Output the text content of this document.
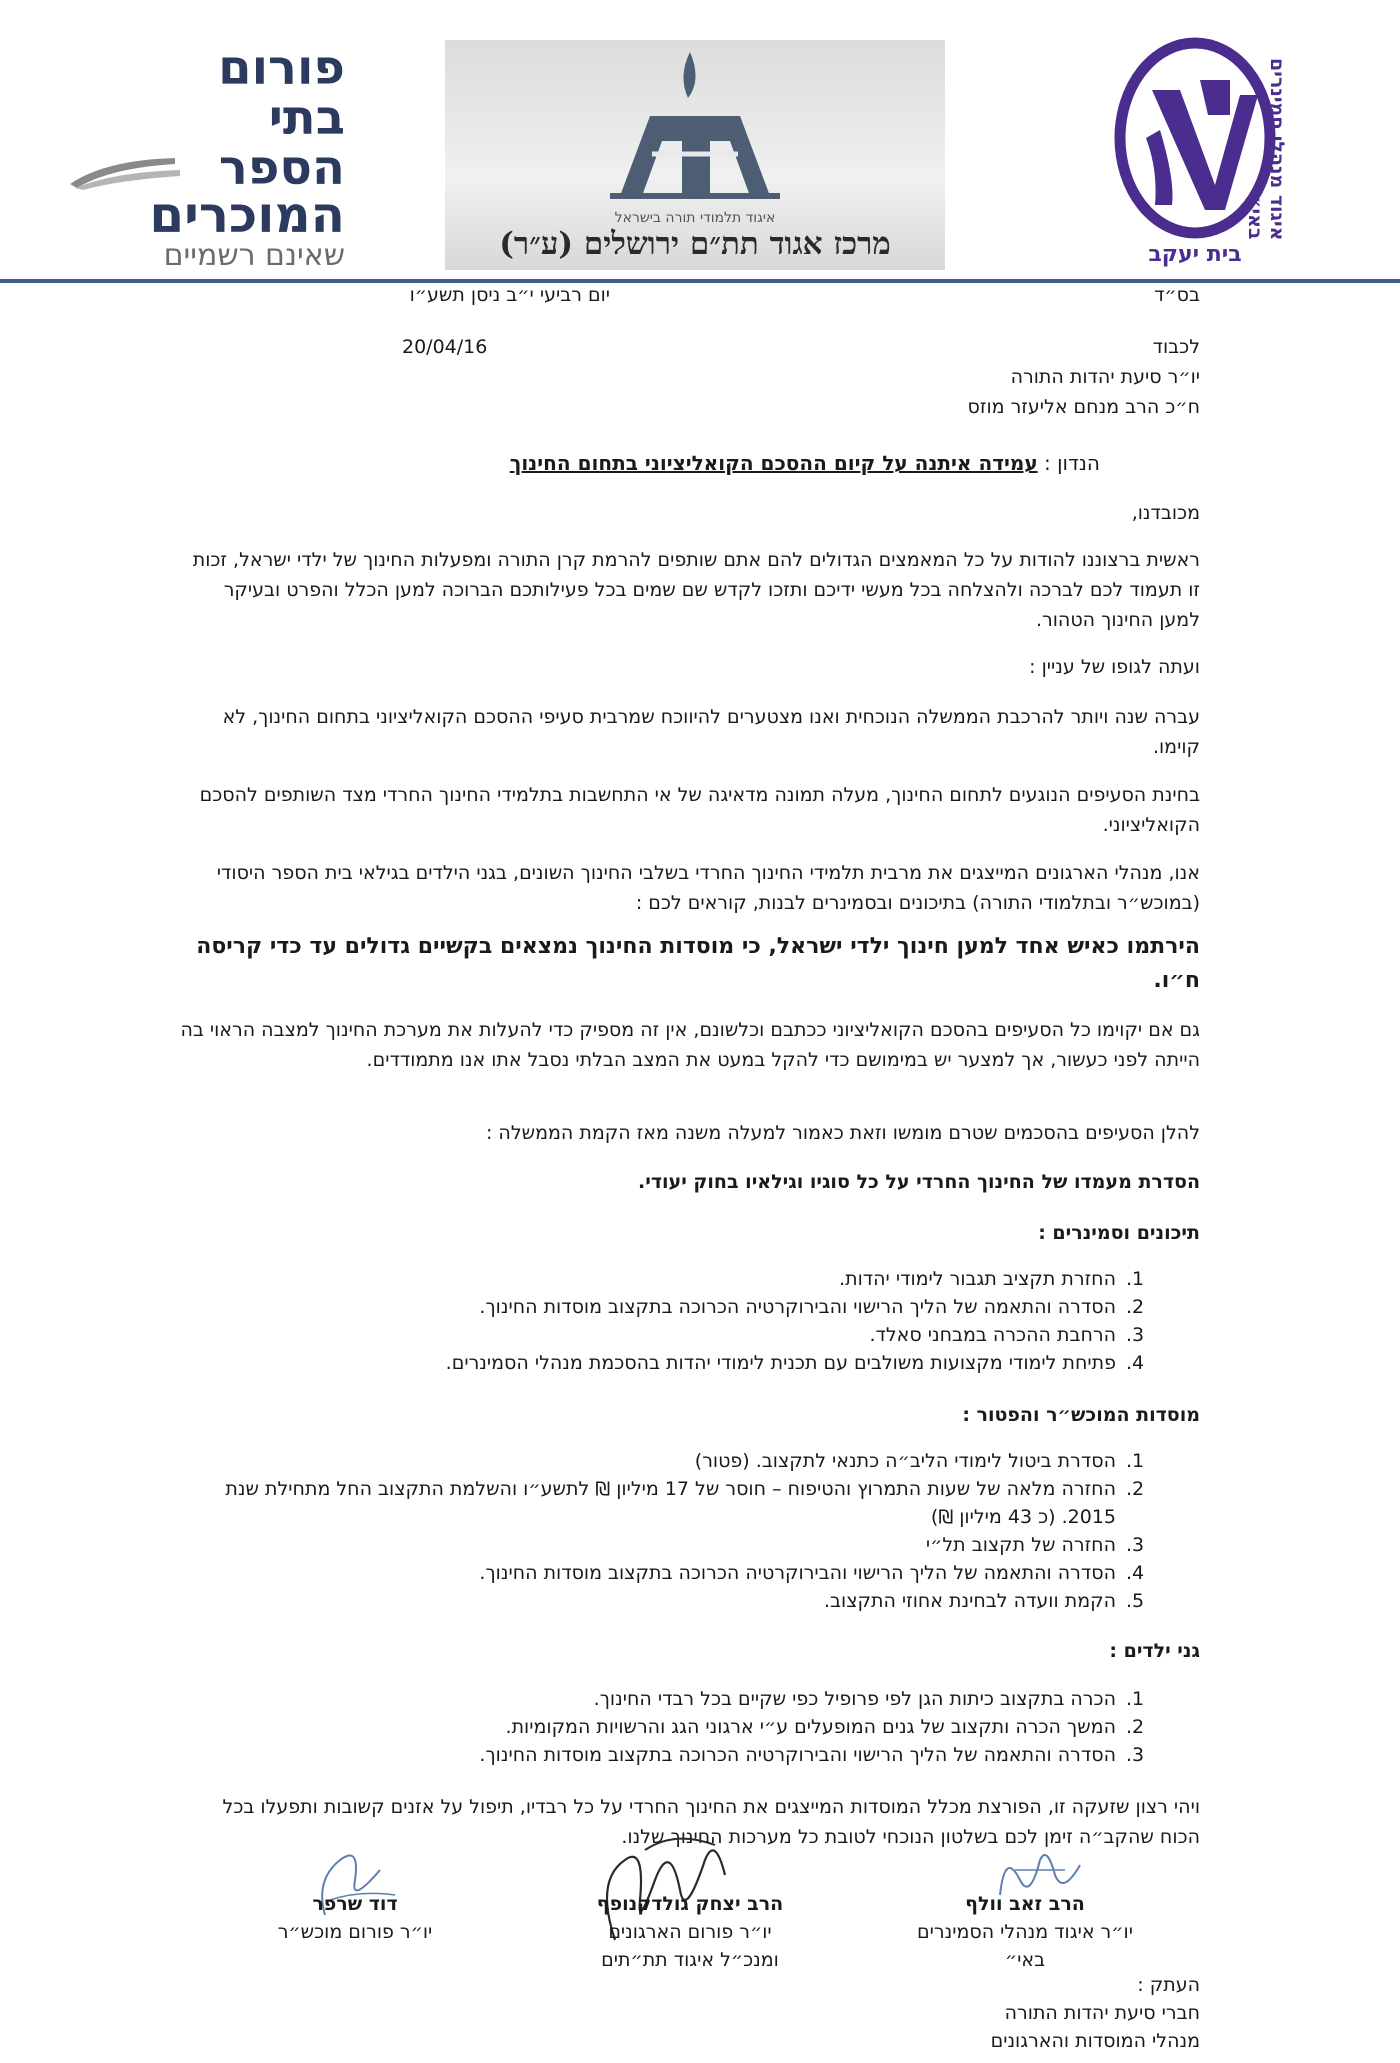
איגוד מנהלי סמינרים באי״
בית יעקב
איגוד תלמודי תורה בישראל
מרכז אגוד תת״ם ירושלים (ע״ר)
פורום
בתי
הספר
המוכרים
שאינם רשמיים
בס״ד
יום רביעי י״ב ניסן תשע״ו
לכבוד
20/04/16
יו״ר סיעת יהדות התורה
ח״כ הרב מנחם אליעזר מוזס
הנדון : עמידה איתנה על קיום ההסכם הקואליציוני בתחום החינוך
מכובדנו,
ראשית ברצוננו להודות על כל המאמצים הגדולים להם אתם שותפים להרמת קרן התורה ומפעלות החינוך של ילדי ישראל, זכות זו תעמוד לכם לברכה ולהצלחה בכל מעשי ידיכם ותזכו לקדש שם שמים בכל פעילותכם הברוכה למען הכלל והפרט ובעיקר למען החינוך הטהור.
ועתה לגופו של עניין :
עברה שנה ויותר להרכבת הממשלה הנוכחית ואנו מצטערים להיווכח שמרבית סעיפי ההסכם הקואליציוני בתחום החינוך, לא קוימו.
בחינת הסעיפים הנוגעים לתחום החינוך, מעלה תמונה מדאיגה של אי התחשבות בתלמידי החינוך החרדי מצד השותפים להסכם הקואליציוני.
אנו, מנהלי הארגונים המייצגים את מרבית תלמידי החינוך החרדי בשלבי החינוך השונים, בגני הילדים בגילאי בית הספר היסודי (במוכש״ר ובתלמודי התורה) בתיכונים ובסמינרים לבנות, קוראים לכם :
הירתמו כאיש אחד למען חינוך ילדי ישראל, כי מוסדות החינוך נמצאים בקשיים גדולים עד כדי קריסה ח״ו.
גם אם יקוימו כל הסעיפים בהסכם הקואליציוני ככתבם וכלשונם, אין זה מספיק כדי להעלות את מערכת החינוך למצבה הראוי בה הייתה לפני כעשור, אך למצער יש במימושם כדי להקל במעט את המצב הבלתי נסבל אתו אנו מתמודדים.
להלן הסעיפים בהסכמים שטרם מומשו וזאת כאמור למעלה משנה מאז הקמת הממשלה :
הסדרת מעמדו של החינוך החרדי על כל סוגיו וגילאיו בחוק יעודי.
תיכונים וסמינרים :
.1
החזרת תקציב תגבור לימודי יהדות.
.2
הסדרה והתאמה של הליך הרישוי והבירוקרטיה הכרוכה בתקצוב מוסדות החינוך.
.3
הרחבת ההכרה במבחני סאלד.
.4
פתיחת לימודי מקצועות משולבים עם תכנית לימודי יהדות בהסכמת מנהלי הסמינרים.
מוסדות המוכש״ר והפטור :
.1
הסדרת ביטול לימודי הליב״ה כתנאי לתקצוב. (פטור)
.2
החזרה מלאה של שעות התמרוץ והטיפוח – חוסר של 17 מיליון ₪ לתשע״ו והשלמת התקצוב החל מתחילת שנת 2015. (כ 43 מיליון ₪)
.3
החזרה של תקצוב תל״י
.4
הסדרה והתאמה של הליך הרישוי והבירוקרטיה הכרוכה בתקצוב מוסדות החינוך.
.5
הקמת וועדה לבחינת אחוזי התקצוב.
גני ילדים :
.1
הכרה בתקצוב כיתות הגן לפי פרופיל כפי שקיים בכל רבדי החינוך.
.2
המשך הכרה ותקצוב של גנים המופעלים ע״י ארגוני הגג והרשויות המקומיות.
.3
הסדרה והתאמה של הליך הרישוי והבירוקרטיה הכרוכה בתקצוב מוסדות החינוך.
ויהי רצון שזעקה זו, הפורצת מכלל המוסדות המייצגים את החינוך החרדי על כל רבדיו, תיפול על אזנים קשובות ותפעלו בכל הכוח שהקב״ה זימן לכם בשלטון הנוכחי לטובת כל מערכות החינוך שלנו.
הרב זאב וולף
יו״ר איגוד מנהלי הסמינרים
באי״
הרב יצחק גולדקנופף
יו״ר פורום הארגונים
ומנכ״ל איגוד תת״תים
דוד שרפר
יו״ר פורום מוכש״ר
העתק :
חברי סיעת יהדות התורה
מנהלי המוסדות והארגונים
